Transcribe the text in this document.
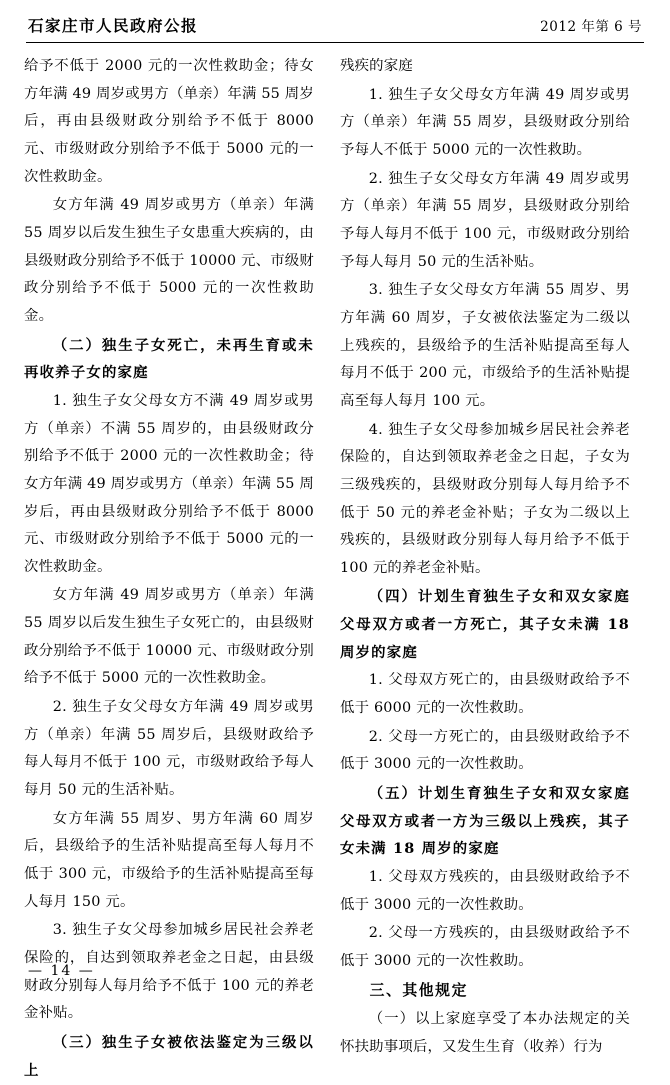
石家庄市人民政府公报	2012 年第 6 号

给予不低于 2000 元的一次性救助金；待女方年满 49 周岁或男方（单亲）年满 55 周岁后，再由县级财政分别给予不低于 8000 元、市级财政分别给予不低于 5000 元的一次性救助金。

女方年满 49 周岁或男方（单亲）年满 55 周岁以后发生独生子女患重大疾病的，由县级财政分别给予不低于 10000 元、市级财政分别给予不低于 5000 元的一次性救助金。

（二）独生子女死亡，未再生育或未再收养子女的家庭

1. 独生子女父母女方不满 49 周岁或男方（单亲）不满 55 周岁的，由县级财政分别给予不低于 2000 元的一次性救助金；待女方年满 49 周岁或男方（单亲）年满 55 周岁后，再由县级财政分别给予不低于 8000 元、市级财政分别给予不低于 5000 元的一次性救助金。

女方年满 49 周岁或男方（单亲）年满 55 周岁以后发生独生子女死亡的，由县级财政分别给予不低于 10000 元、市级财政分别给予不低于 5000 元的一次性救助金。

2. 独生子女父母女方年满 49 周岁或男方（单亲）年满 55 周岁后，县级财政给予每人每月不低于 100 元，市级财政给予每人每月 50 元的生活补贴。

女方年满 55 周岁、男方年满 60 周岁后，县级给予的生活补贴提高至每人每月不低于 300 元，市级给予的生活补贴提高至每人每月 150 元。

3. 独生子女父母参加城乡居民社会养老保险的，自达到领取养老金之日起，由县级财政分别每人每月给予不低于 100 元的养老金补贴。

（三）独生子女被依法鉴定为三级以上

残疾的家庭

1. 独生子女父母女方年满 49 周岁或男方（单亲）年满 55 周岁，县级财政分别给予每人不低于 5000 元的一次性救助。

2. 独生子女父母女方年满 49 周岁或男方（单亲）年满 55 周岁，县级财政分别给予每人每月不低于 100 元，市级财政分别给予每人每月 50 元的生活补贴。

3. 独生子女父母女方年满 55 周岁、男方年满 60 周岁，子女被依法鉴定为二级以上残疾的，县级给予的生活补贴提高至每人每月不低于 200 元，市级给予的生活补贴提高至每人每月 100 元。

4. 独生子女父母参加城乡居民社会养老保险的，自达到领取养老金之日起，子女为三级残疾的，县级财政分别每人每月给予不低于 50 元的养老金补贴；子女为二级以上残疾的，县级财政分别每人每月给予不低于 100 元的养老金补贴。

（四）计划生育独生子女和双女家庭父母双方或者一方死亡，其子女未满 18 周岁的家庭

1. 父母双方死亡的，由县级财政给予不低于 6000 元的一次性救助。

2. 父母一方死亡的，由县级财政给予不低于 3000 元的一次性救助。

（五）计划生育独生子女和双女家庭父母双方或者一方为三级以上残疾，其子女未满 18 周岁的家庭

1. 父母双方残疾的，由县级财政给予不低于 3000 元的一次性救助。

2. 父母一方残疾的，由县级财政给予不低于 3000 元的一次性救助。

三、其他规定

（一）以上家庭享受了本办法规定的关怀扶助事项后，又发生生育（收养）行为

— 14 —
